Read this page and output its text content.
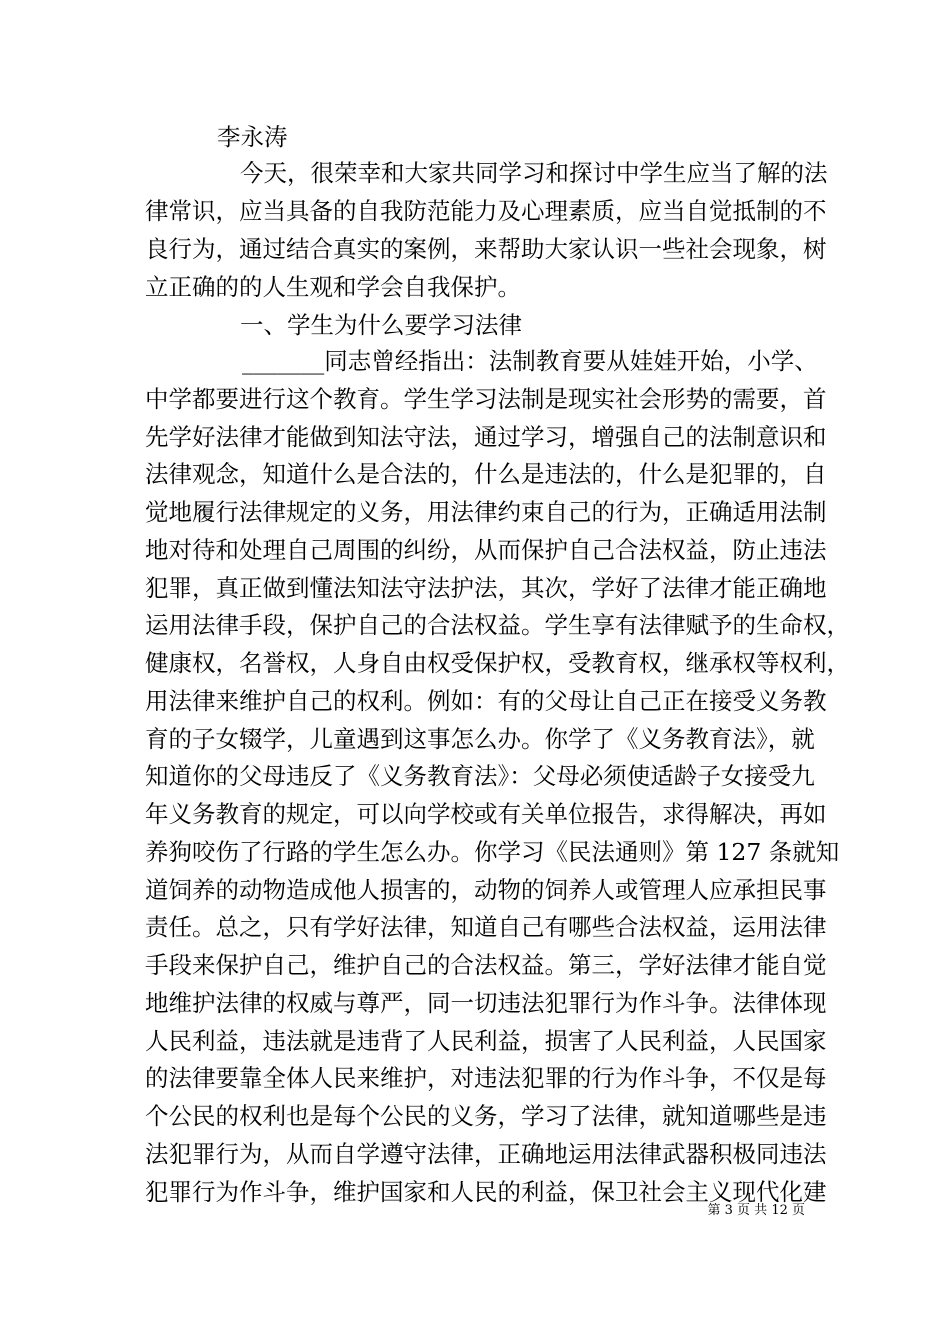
李永涛
今天，很荣幸和大家共同学习和探讨中学生应当了解的法
律常识，应当具备的自我防范能力及心理素质，应当自觉抵制的不
良行为，通过结合真实的案例，来帮助大家认识一些社会现象，树
立正确的的人生观和学会自我保护。
一、学生为什么要学习法律
_______同志曾经指出：法制教育要从娃娃开始，小学、
中学都要进行这个教育。学生学习法制是现实社会形势的需要，首
先学好法律才能做到知法守法，通过学习，增强自己的法制意识和
法律观念，知道什么是合法的，什么是违法的，什么是犯罪的，自
觉地履行法律规定的义务，用法律约束自己的行为，正确适用法制
地对待和处理自己周围的纠纷，从而保护自己合法权益，防止违法
犯罪，真正做到懂法知法守法护法，其次，学好了法律才能正确地
运用法律手段，保护自己的合法权益。学生享有法律赋予的生命权，
健康权，名誉权，人身自由权受保护权，受教育权，继承权等权利，
用法律来维护自己的权利。例如：有的父母让自己正在接受义务教
育的子女辍学，儿童遇到这事怎么办。你学了《义务教育法》，就
知道你的父母违反了《义务教育法》：父母必须使适龄子女接受九
年义务教育的规定，可以向学校或有关单位报告，求得解决，再如
养狗咬伤了行路的学生怎么办。你学习《民法通则》第 127 条就知
道饲养的动物造成他人损害的，动物的饲养人或管理人应承担民事
责任。总之，只有学好法律，知道自己有哪些合法权益，运用法律
手段来保护自己，维护自己的合法权益。第三，学好法律才能自觉
地维护法律的权威与尊严，同一切违法犯罪行为作斗争。法律体现
人民利益，违法就是违背了人民利益，损害了人民利益，人民国家
的法律要靠全体人民来维护，对违法犯罪的行为作斗争，不仅是每
个公民的权利也是每个公民的义务，学习了法律，就知道哪些是违
法犯罪行为，从而自学遵守法律，正确地运用法律武器积极同违法
犯罪行为作斗争，维护国家和人民的利益，保卫社会主义现代化建
第 3 页 共 12 页
